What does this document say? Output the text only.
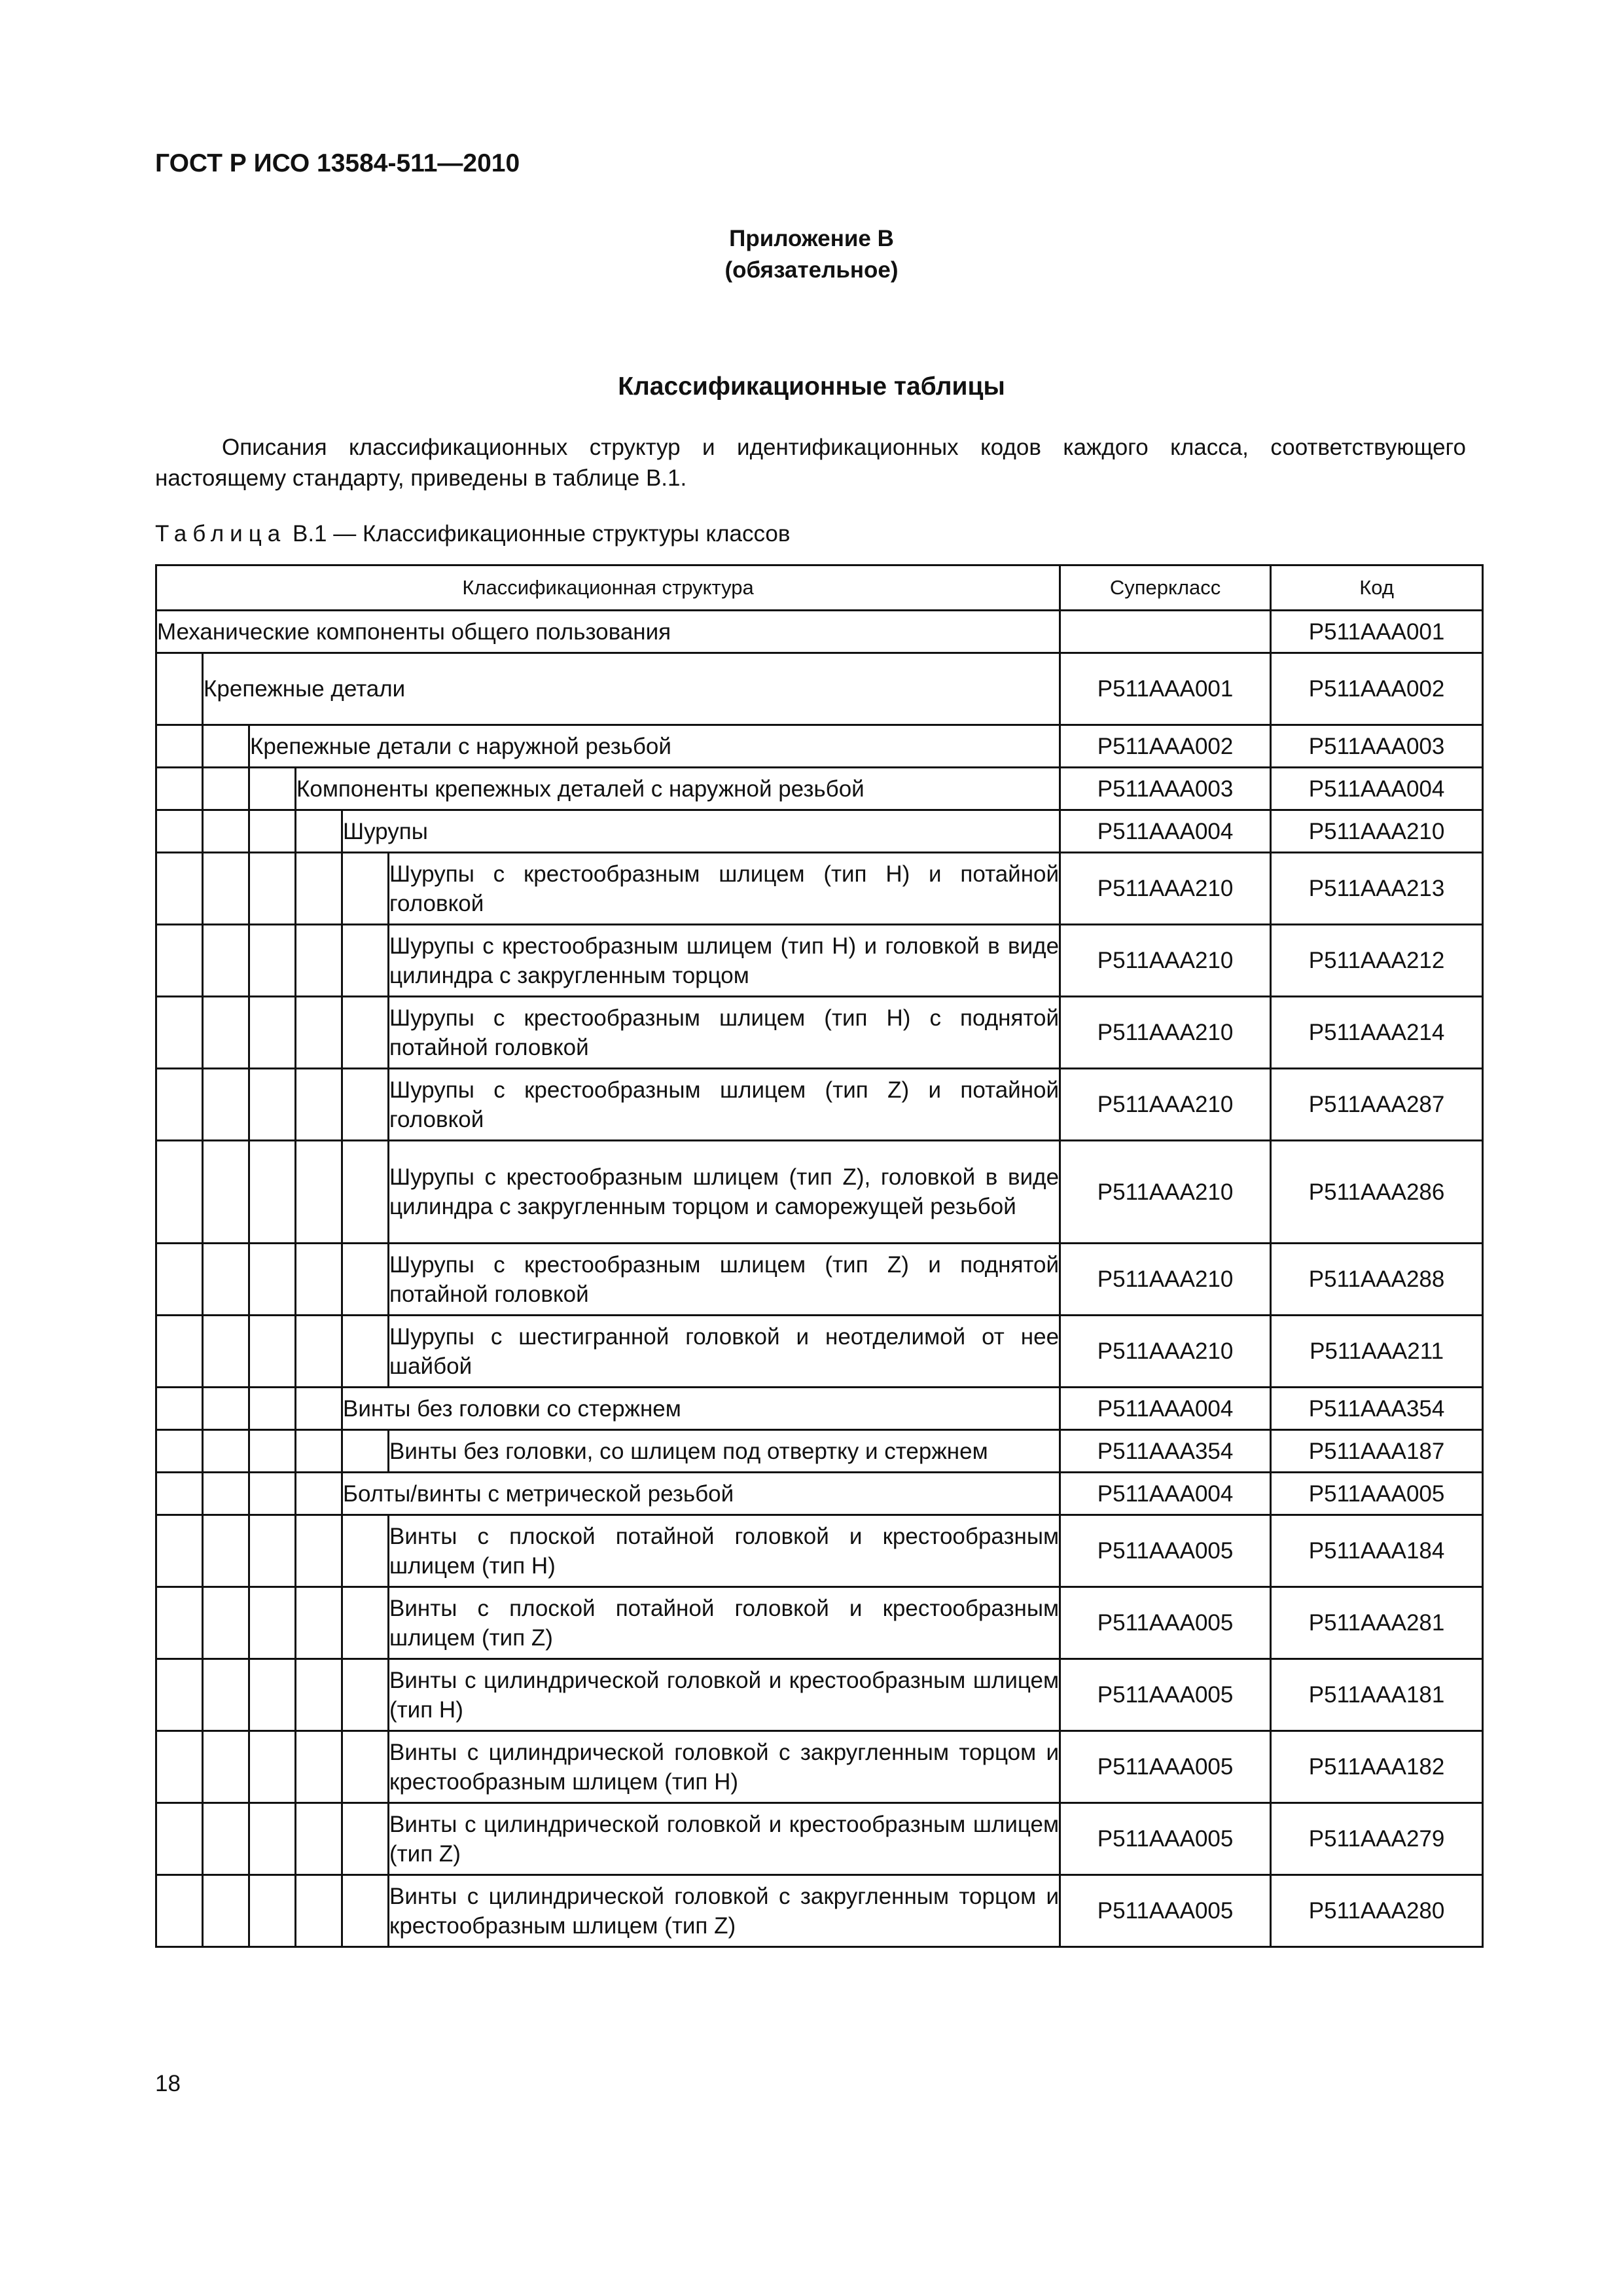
ГОСТ Р ИСО 13584-511—2010

Приложение В

(обязательное)

Классификационные таблицы

Описания классификационных структур и идентификационных кодов каждого класса, соответствующего настоящему стандарту, приведены в таблице В.1.

Таблица В.1 — Классификационные структуры классов

Классификационная структура						Суперкласс	Код
Механические компоненты общего пользования							P511AAA001
	Крепежные детали					P511AAA001	P511AAA002
		Крепежные детали с наружной резьбой				P511AAA002	P511AAA003
			Компоненты крепежных деталей с наружной резьбой			P511AAA003	P511AAA004
				Шурупы		P511AAA004	P511AAA210
					Шурупы с крестообразным шлицем (тип H) и потайной головкой	P511AAA210	P511AAA213
					Шурупы с крестообразным шлицем (тип H) и головкой в виде цилиндра с закругленным торцом	P511AAA210	P511AAA212
					Шурупы с крестообразным шлицем (тип H) с поднятой потайной головкой	P511AAA210	P511AAA214
					Шурупы с крестообразным шлицем (тип Z) и потайной головкой	P511AAA210	P511AAA287
					Шурупы с крестообразным шлицем (тип Z), головкой в виде цилиндра с закругленным торцом и саморежущей резьбой	P511AAA210	P511AAA286
					Шурупы с крестообразным шлицем (тип Z) и поднятой потайной головкой	P511AAA210	P511AAA288
					Шурупы с шестигранной головкой и неотделимой от нее шайбой	P511AAA210	P511AAA211
				Винты без головки со стержнем		P511AAA004	P511AAA354
					Винты без головки, со шлицем под отвертку и стержнем	P511AAA354	P511AAA187
				Болты/винты с метрической резьбой		P511AAA004	P511AAA005
					Винты с плоской потайной головкой и крестообразным шлицем (тип H)	P511AAA005	P511AAA184
					Винты с плоской потайной головкой и крестообразным шлицем (тип Z)	P511AAA005	P511AAA281
					Винты с цилиндрической головкой и крестообразным шлицем (тип H)	P511AAA005	P511AAA181
					Винты с цилиндрической головкой с закругленным торцом и крестообразным шлицем (тип H)	P511AAA005	P511AAA182
					Винты с цилиндрической головкой и крестообразным шлицем (тип Z)	P511AAA005	P511AAA279
					Винты с цилиндрической головкой с закругленным торцом и крестообразным шлицем (тип Z)	P511AAA005	P511AAA280

18
